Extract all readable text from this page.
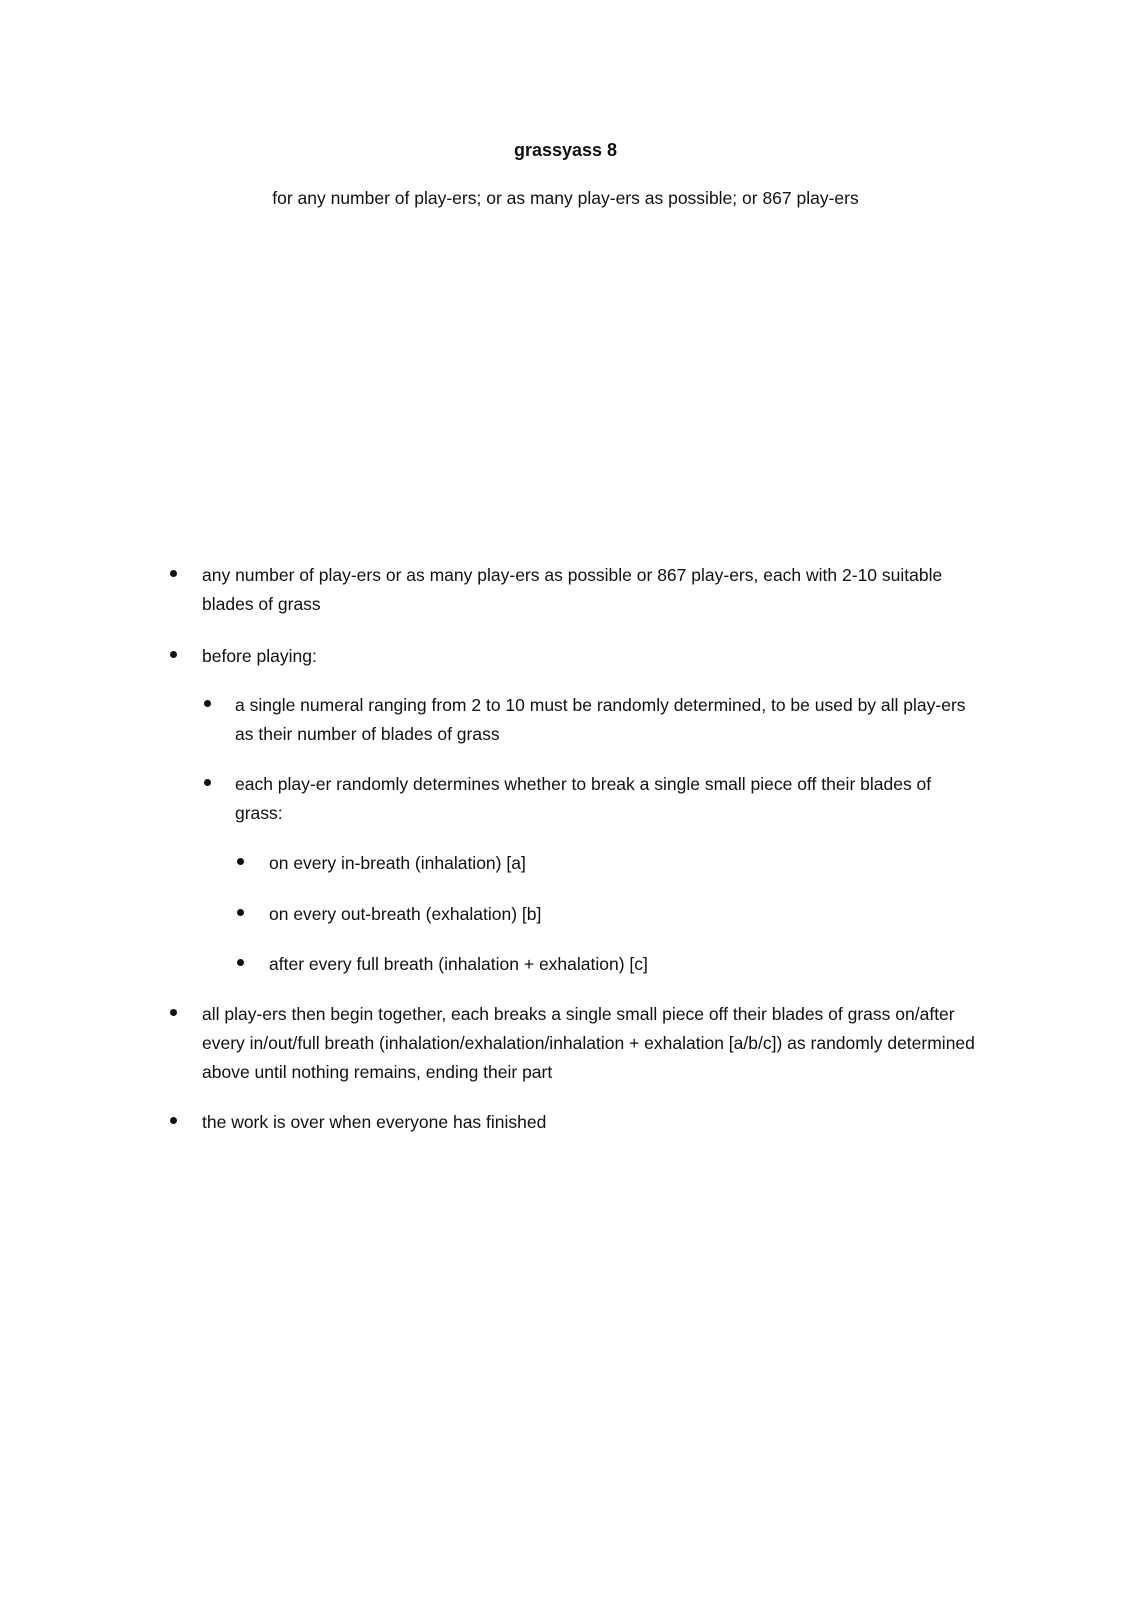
grassyass 8
for any number of play-ers; or as many play-ers as possible; or 867 play-ers
any number of play-ers or as many play-ers as possible or 867 play-ers, each with 2-10 suitable blades of grass
before playing:
a single numeral ranging from 2 to 10 must be randomly determined, to be used by all play-ers as their number of blades of grass
each play-er randomly determines whether to break a single small piece off their blades of grass:
on every in-breath (inhalation) [a]
on every out-breath (exhalation) [b]
after every full breath (inhalation + exhalation) [c]
all play-ers then begin together, each breaks a single small piece off their blades of grass on/after every in/out/full breath (inhalation/exhalation/inhalation + exhalation [a/b/c]) as randomly determined above until nothing remains, ending their part
the work is over when everyone has finished
